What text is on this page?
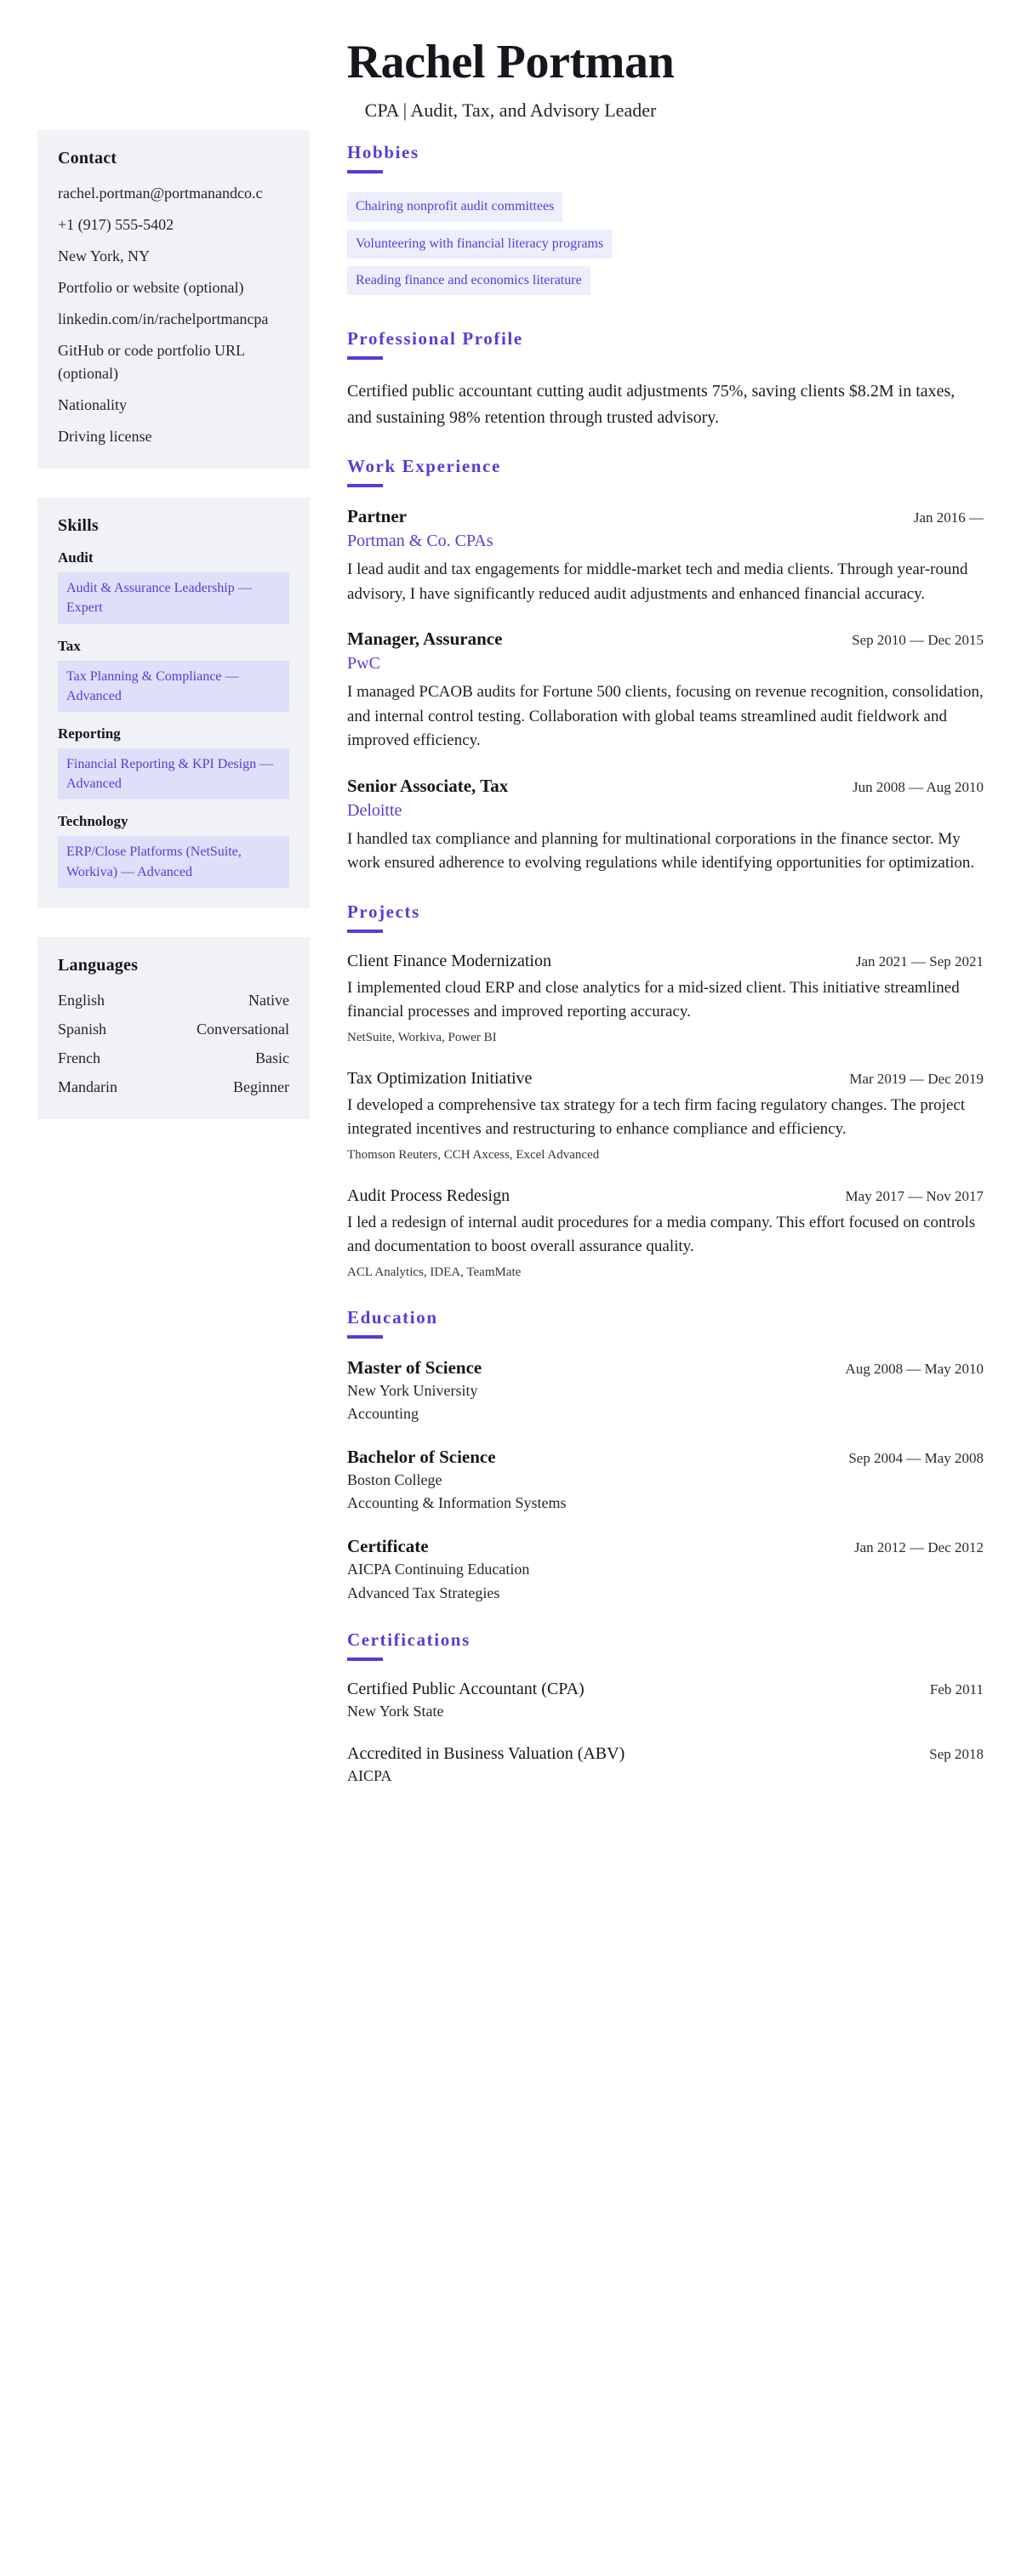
Rachel Portman
CPA | Audit, Tax, and Advisory Leader
Contact
rachel.portman@portmanandco.c
+1 (917) 555-5402
New York, NY
Portfolio or website (optional)
linkedin.com/in/rachelportmancpa
GitHub or code portfolio URL (optional)
Nationality
Driving license
Skills
Audit
Audit & Assurance Leadership — Expert
Tax
Tax Planning & Compliance — Advanced
Reporting
Financial Reporting & KPI Design — Advanced
Technology
ERP/Close Platforms (NetSuite, Workiva) — Advanced
Languages
English	Native
Spanish	Conversational
French	Basic
Mandarin	Beginner
Hobbies
Chairing nonprofit audit committees
Volunteering with financial literacy programs
Reading finance and economics literature
Professional Profile

Certified public accountant cutting audit adjustments 75%, saving clients $8.2M in taxes, and sustaining 98% retention through trusted advisory.

Work Experience
Partner	Jan 2016 —
Portman & Co. CPAs
I lead audit and tax engagements for middle-market tech and media clients. Through year-round advisory, I have significantly reduced audit adjustments and enhanced financial accuracy.
Manager, Assurance	Sep 2010 — Dec 2015
PwC
I managed PCAOB audits for Fortune 500 clients, focusing on revenue recognition, consolidation, and internal control testing. Collaboration with global teams streamlined audit fieldwork and improved efficiency.
Senior Associate, Tax	Jun 2008 — Aug 2010
Deloitte
I handled tax compliance and planning for multinational corporations in the finance sector. My work ensured adherence to evolving regulations while identifying opportunities for optimization.
Projects
Client Finance Modernization	Jan 2021 — Sep 2021
I implemented cloud ERP and close analytics for a mid-sized client. This initiative streamlined financial processes and improved reporting accuracy.
NetSuite, Workiva, Power BI
Tax Optimization Initiative	Mar 2019 — Dec 2019
I developed a comprehensive tax strategy for a tech firm facing regulatory changes. The project integrated incentives and restructuring to enhance compliance and efficiency.
Thomson Reuters, CCH Axcess, Excel Advanced
Audit Process Redesign	May 2017 — Nov 2017
I led a redesign of internal audit procedures for a media company. This effort focused on controls and documentation to boost overall assurance quality.
ACL Analytics, IDEA, TeamMate
Education
Master of Science	Aug 2008 — May 2010
New York University
Accounting
Bachelor of Science	Sep 2004 — May 2008
Boston College
Accounting & Information Systems
Certificate	Jan 2012 — Dec 2012
AICPA Continuing Education
Advanced Tax Strategies
Certifications
Certified Public Accountant (CPA)	Feb 2011
New York State
Accredited in Business Valuation (ABV)	Sep 2018
AICPA
